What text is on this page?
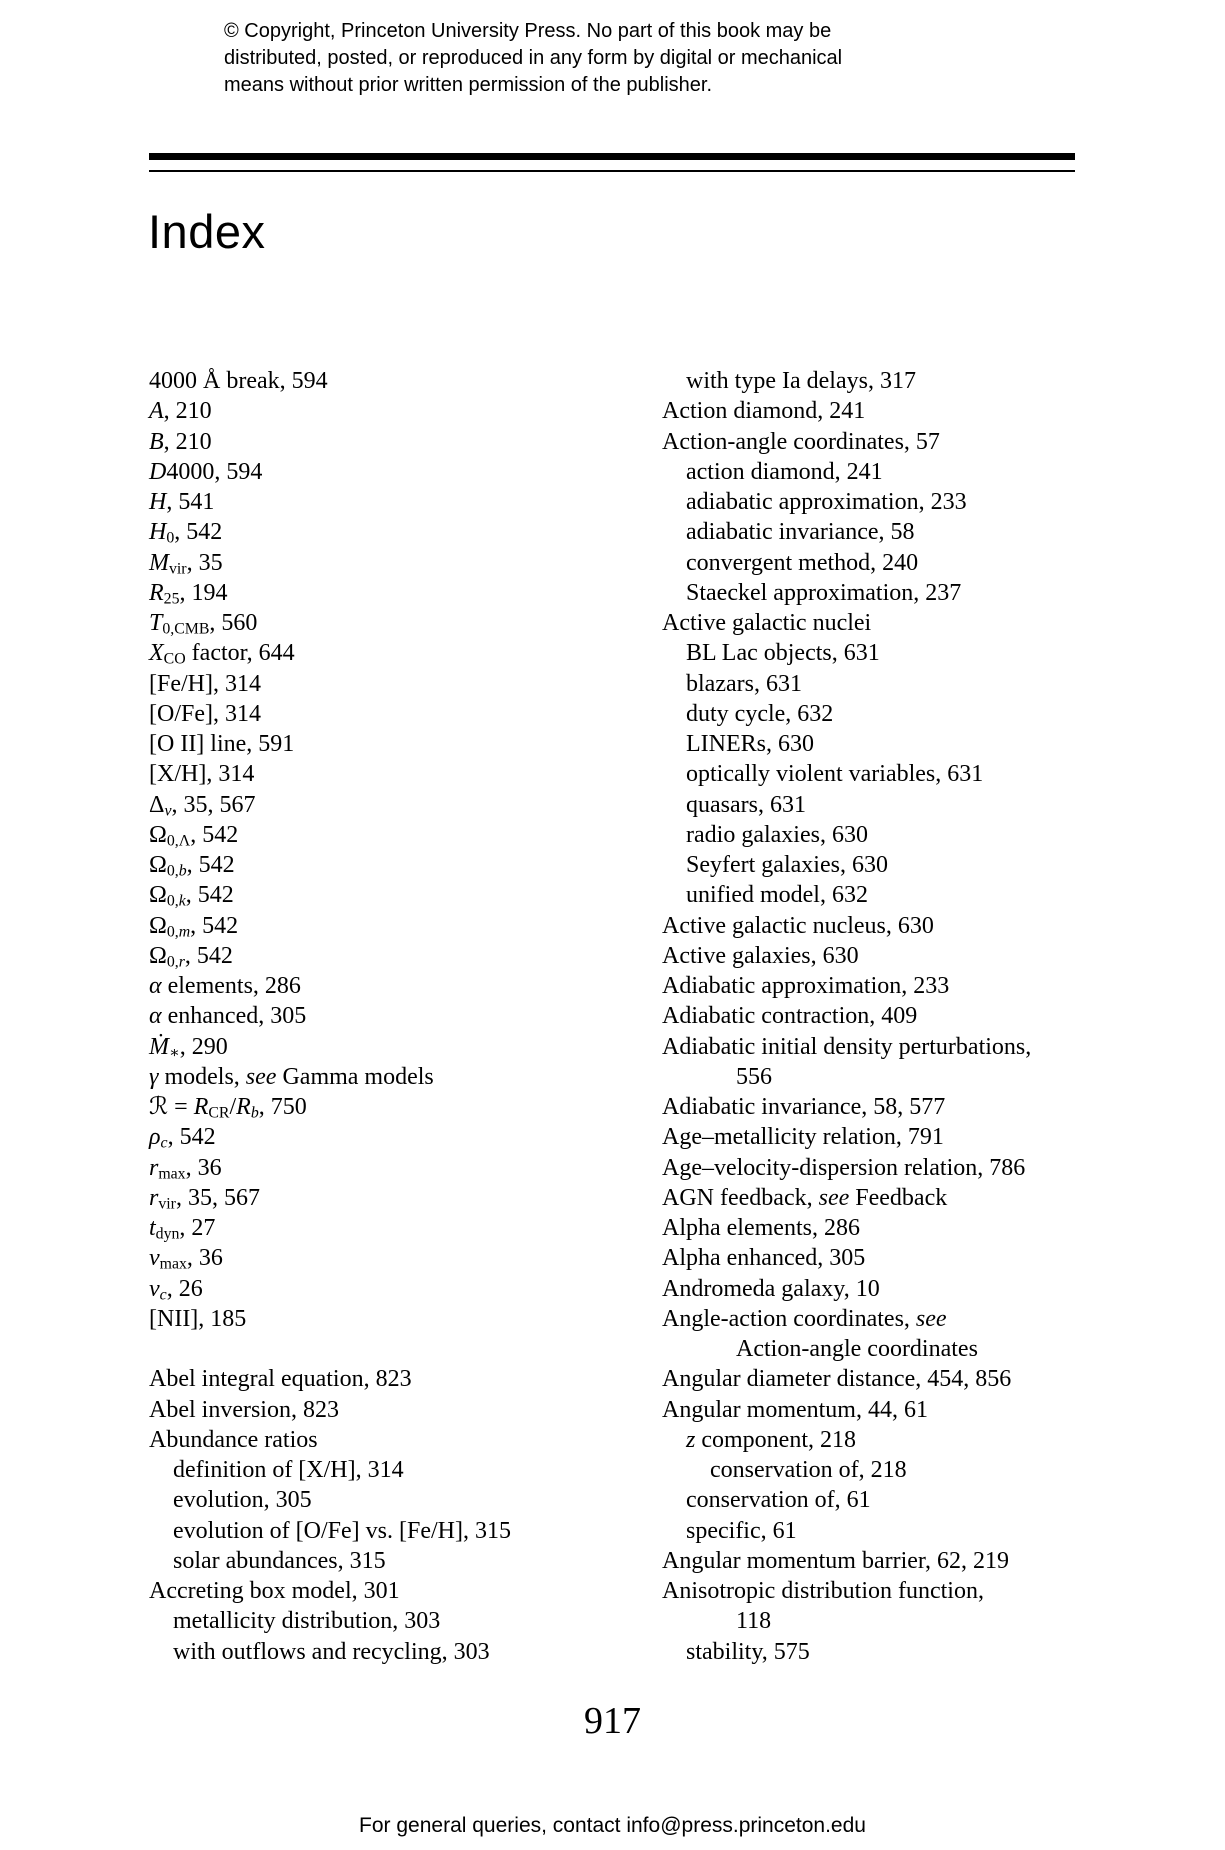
© Copyright, Princeton University Press. No part of this book may be
distributed, posted, or reproduced in any form by digital or mechanical
means without prior written permission of the publisher.
Index
4000 Å break, 594
A, 210
B, 210
D4000, 594
H, 541
$H_0$, 542
$M_{vir}$, 35
$R_{25}$, 194
$T_{0,CMB}$, 560
$X_{CO}$ factor, 644
[Fe/H], 314
[O/Fe], 314
[O II] line, 591
[X/H], 314
$\Delta_v$, 35, 567
$\Omega_{0,\Lambda}$, 542
$\Omega_{0,b}$, 542
$\Omega_{0,k}$, 542
$\Omega_{0,m}$, 542
$\Omega_{0,r}$, 542
α elements, 286
α enhanced, 305
Ṁ$_∗$, 290
γ models, see Gamma models
ℛ = $R_{CR}/R_b$, 750
$\rho_c$, 542
$r_{max}$, 36
$r_{vir}$, 35, 567
$t_{dyn}$, 27
$v_{max}$, 36
$v_c$, 26
[NII], 185
Abel integral equation, 823
Abel inversion, 823
Abundance ratios
definition of [X/H], 314
evolution, 305
evolution of [O/Fe] vs. [Fe/H], 315
solar abundances, 315
Accreting box model, 301
metallicity distribution, 303
with outflows and recycling, 303
with type Ia delays, 317
Action diamond, 241
Action-angle coordinates, 57
action diamond, 241
adiabatic approximation, 233
adiabatic invariance, 58
convergent method, 240
Staeckel approximation, 237
Active galactic nuclei
BL Lac objects, 631
blazars, 631
duty cycle, 632
LINERs, 630
optically violent variables, 631
quasars, 631
radio galaxies, 630
Seyfert galaxies, 630
unified model, 632
Active galactic nucleus, 630
Active galaxies, 630
Adiabatic approximation, 233
Adiabatic contraction, 409
Adiabatic initial density perturbations,
556
Adiabatic invariance, 58, 577
Age–metallicity relation, 791
Age–velocity-dispersion relation, 786
AGN feedback, see Feedback
Alpha elements, 286
Alpha enhanced, 305
Andromeda galaxy, 10
Angle-action coordinates, see
Action-angle coordinates
Angular diameter distance, 454, 856
Angular momentum, 44, 61
z component, 218
conservation of, 218
conservation of, 61
specific, 61
Angular momentum barrier, 62, 219
Anisotropic distribution function,
118
stability, 575
917
For general queries, contact info@press.princeton.edu
